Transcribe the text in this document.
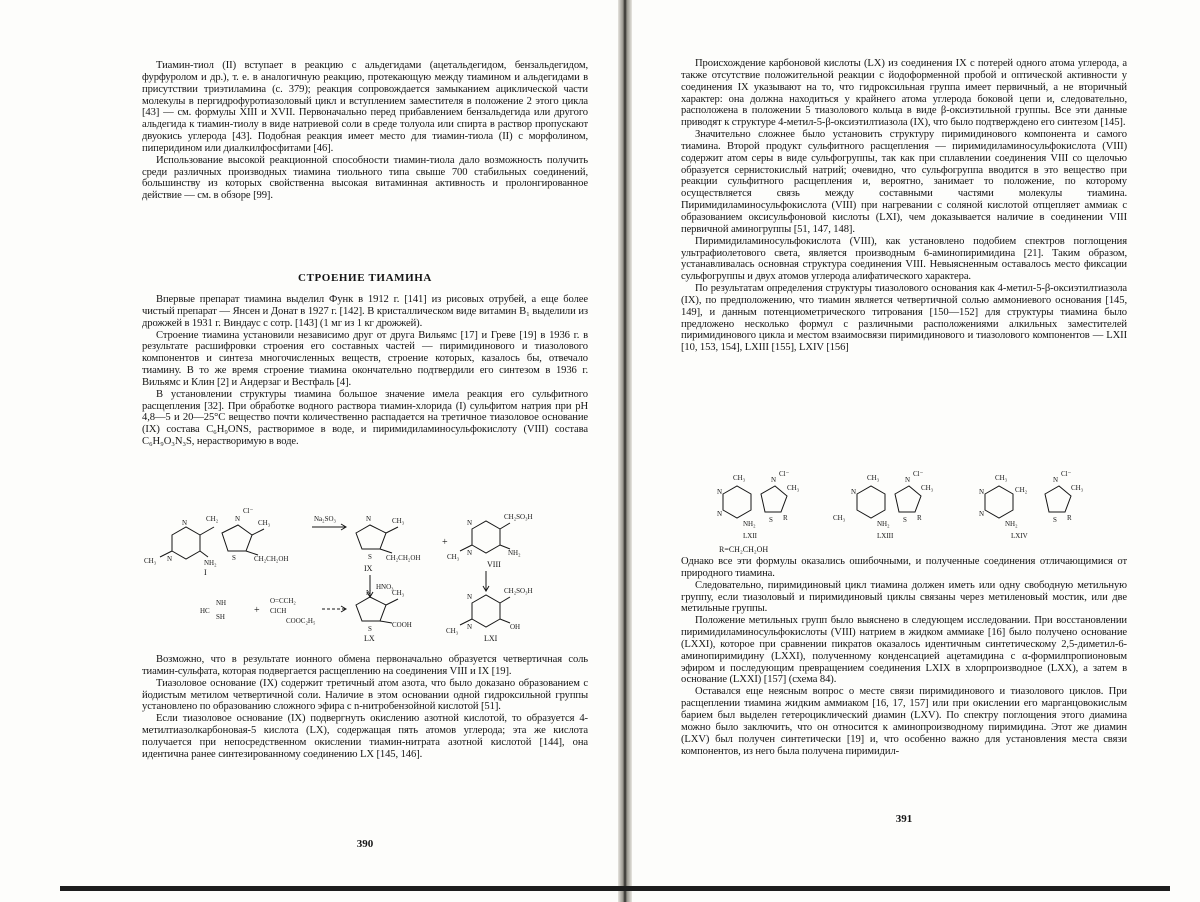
Тиамин-тиол (II) вступает в реакцию с альдегидами (ацетальдегидом, бензальдегидом, фурфуролом и др.), т. е. в аналогичную реакцию, протекающую между тиамином и альдегидами в присутствии триэтиламина (с. 379); реакция сопровождается замыканием ациклической части молекулы в пергидрофуротиазоловый цикл и вступлением заместителя в положение 2 этого цикла [43] — см. формулы XIII и XVII. Первоначально перед прибавлением бензальдегида или другого альдегида к тиамин-тиолу в виде натриевой соли в среде толуола или спирта в раствор пропускают двуокись углерода [43]. Подобная реакция имеет место для тиамин-тиола (II) с морфолином, пиперидином или диалкилфосфитами [46].

Использование высокой реакционной способности тиамин-тиола дало возможность получить среди различных производных тиамина тиольного типа свыше 700 стабильных соединений, большинству из которых свойственна высокая витаминная активность и пролонгированное действие — см. в обзоре [99].

СТРОЕНИЕ ТИАМИНА

Впервые препарат тиамина выделил Функ в 1912 г. [141] из рисовых отрубей, а еще более чистый препарат — Янсен и Донат в 1927 г. [142]. В кристаллическом виде витамин B₁ выделили из дрожжей в 1931 г. Виндаус с сотр. [143] (1 мг из 1 кг дрожжей).

Строение тиамина установили независимо друг от друга Вильямс [17] и Греве [19] в 1936 г. в результате расшифровки строения его составных частей — пиримидинового и тиазолового компонентов и синтеза многочисленных веществ, строение которых, казалось бы, отвечало тиамину. В то же время строение тиамина окончательно подтвердили его синтезом в 1936 г. Вильямс и Клин [2] и Андерзаг и Вестфаль [4].

В установлении структуры тиамина большое значение имела реакция его сульфитного расщепления [32]. При обработке водного раствора тиамин-хлорида (I) сульфитом натрия при pH 4,8—5 и 20—25°C вещество почти количественно распадается на третичное тиазоловое основание (IX) состава C₆H₉ONS, растворимое в воде, и пиримидиламиносульфокислоту (VIII) состава C₆H₉O₃N₃S, нерастворимую в воде.

N
N
CH₃	NH₂
I
CH₂ N
Cl⁻
S
CH₃
CH₂CH₂OH
Na₂SO₃	N
S
CH₃
CH₂CH₂OH
IX
+
N
N
CH₂SO₃H
NH₂
CH₃
VIII
HNO₃
HC
NH
SH
+
O=CCH₂
ClCH
COOC₂H₅
N
S
CH₃
COOH
LX
N
N
CH₂SO₃H
OH
CH₃
LXI

Возможно, что в результате ионного обмена первоначально образуется четвертичная соль тиамин-сульфата, которая подвергается расщеплению на соединения VIII и IX [19].

Тиазоловое основание (IX) содержит третичный атом азота, что было доказано образованием с йодистым метилом четвертичной соли. Наличие в этом основании одной гидроксильной группы установлено по образованию сложного эфира с n-нитробензойной кислотой [51].

Если тиазоловое основание (IX) подвергнуть окислению азотной кислотой, то образуется 4-метилтиазолкарбоновая-5 кислота (LX), содержащая пять атомов углерода; эта же кислота получается при непосредственном окислении тиамин-нитрата азотной кислотой [144], она идентична ранее синтезированному соединению LX [145, 146].

390

Происхождение карбоновой кислоты (LX) из соединения IX с потерей одного атома углерода, а также отсутствие положительной реакции с йодоформенной пробой и оптической активности у соединения IX указывают на то, что гидроксильная группа имеет первичный, а не вторичный характер: она должна находиться у крайнего атома углерода боковой цепи и, следовательно, расположена в положении 5 тиазолового кольца в виде β-оксиэтильной группы. Все эти данные приводят к структуре 4-метил-5-β-оксиэтилтиазола (IX), что было подтверждено его синтезом [145].

Значительно сложнее было установить структуру пиримидинового компонента и самого тиамина. Второй продукт сульфитного расщепления — пиримидиламиносульфокислота (VIII) содержит атом серы в виде сульфогруппы, так как при сплавлении соединения VIII со щелочью образуется сернистокислый натрий; очевидно, что сульфогруппа вводится в это вещество при реакции сульфитного расщепления и, вероятно, занимает то положение, по которому осуществляется связь между составными частями молекулы тиамина. Пиримидиламиносульфокислота (VIII) при нагревании с соляной кислотой отщепляет аммиак с образованием оксисульфоновой кислоты (LXI), чем доказывается наличие в соединении VIII первичной аминогруппы [51, 147, 148].

Пиримидиламиносульфокислота (VIII), как установлено подобием спектров поглощения ультрафиолетового света, является производным 6-аминопиримидина [21]. Таким образом, устанавливалась основная структура соединения VIII. Невыясненным оставалось место фиксации сульфогруппы и двух атомов углерода алифатического характера.

По результатам определения структуры тиазолового основания как 4-метил-5-β-оксиэтилтиазола (IX), по предположению, что тиамин является четвертичной солью аммониевого основания [145, 149], и данным потенциометрического титрования [150—152] для структуры тиамина было предложено несколько формул с различными расположениями алкильных заместителей пиримидинового цикла и местом взаимосвязи пиримидинового и тиазолового компонентов — LXII [10, 153, 154], LXIII [155], LXIV [156]

CH₃
N
N
NH₂
N
Cl⁻
CH₃
S R
LXII
R=CH₂CH₂OH
CH₃
N
CH₃
NH₂
N
Cl⁻
CH₃
S R
LXIII
CH₃
N
N
NH₂
CH₂
N
Cl⁻
CH₃
S R
LXIV

Однако все эти формулы оказались ошибочными, и полученные соединения отличающимися от природного тиамина.

Следовательно, пиримидиновый цикл тиамина должен иметь или одну свободную метильную группу, если тиазоловый и пиримидиновый циклы связаны через метиленовый мостик, или две метильные группы.

Положение метильных групп было выяснено в следующем исследовании. При восстановлении пиримидиламиносульфокислоты (VIII) натрием в жидком аммиаке [16] было получено основание (LXXI), которое при сравнении пикратов оказалось идентичным синтетическому 2,5-диметил-6-аминопиримидину (LXXI), полученному конденсацией ацетамидина с α-формилпропионовым эфиром и последующим превращением соединения LXIX в хлорпроизводное (LXX), а затем в основание (LXXI) [157] (схема 84).

Оставался еще неясным вопрос о месте связи пиримидинового и тиазолового циклов. При расщеплении тиамина жидким аммиаком [16, 17, 157] или при окислении его марганцовокислым барием был выделен гетероциклический диамин (LXV). По спектру поглощения этого диамина можно было заключить, что он относится к аминопроизводному пиримидина. Этот же диамин (LXV) был получен синтетически [19] и, что особенно важно для установления места связи компонентов, из него была получена пиримидил-

391
